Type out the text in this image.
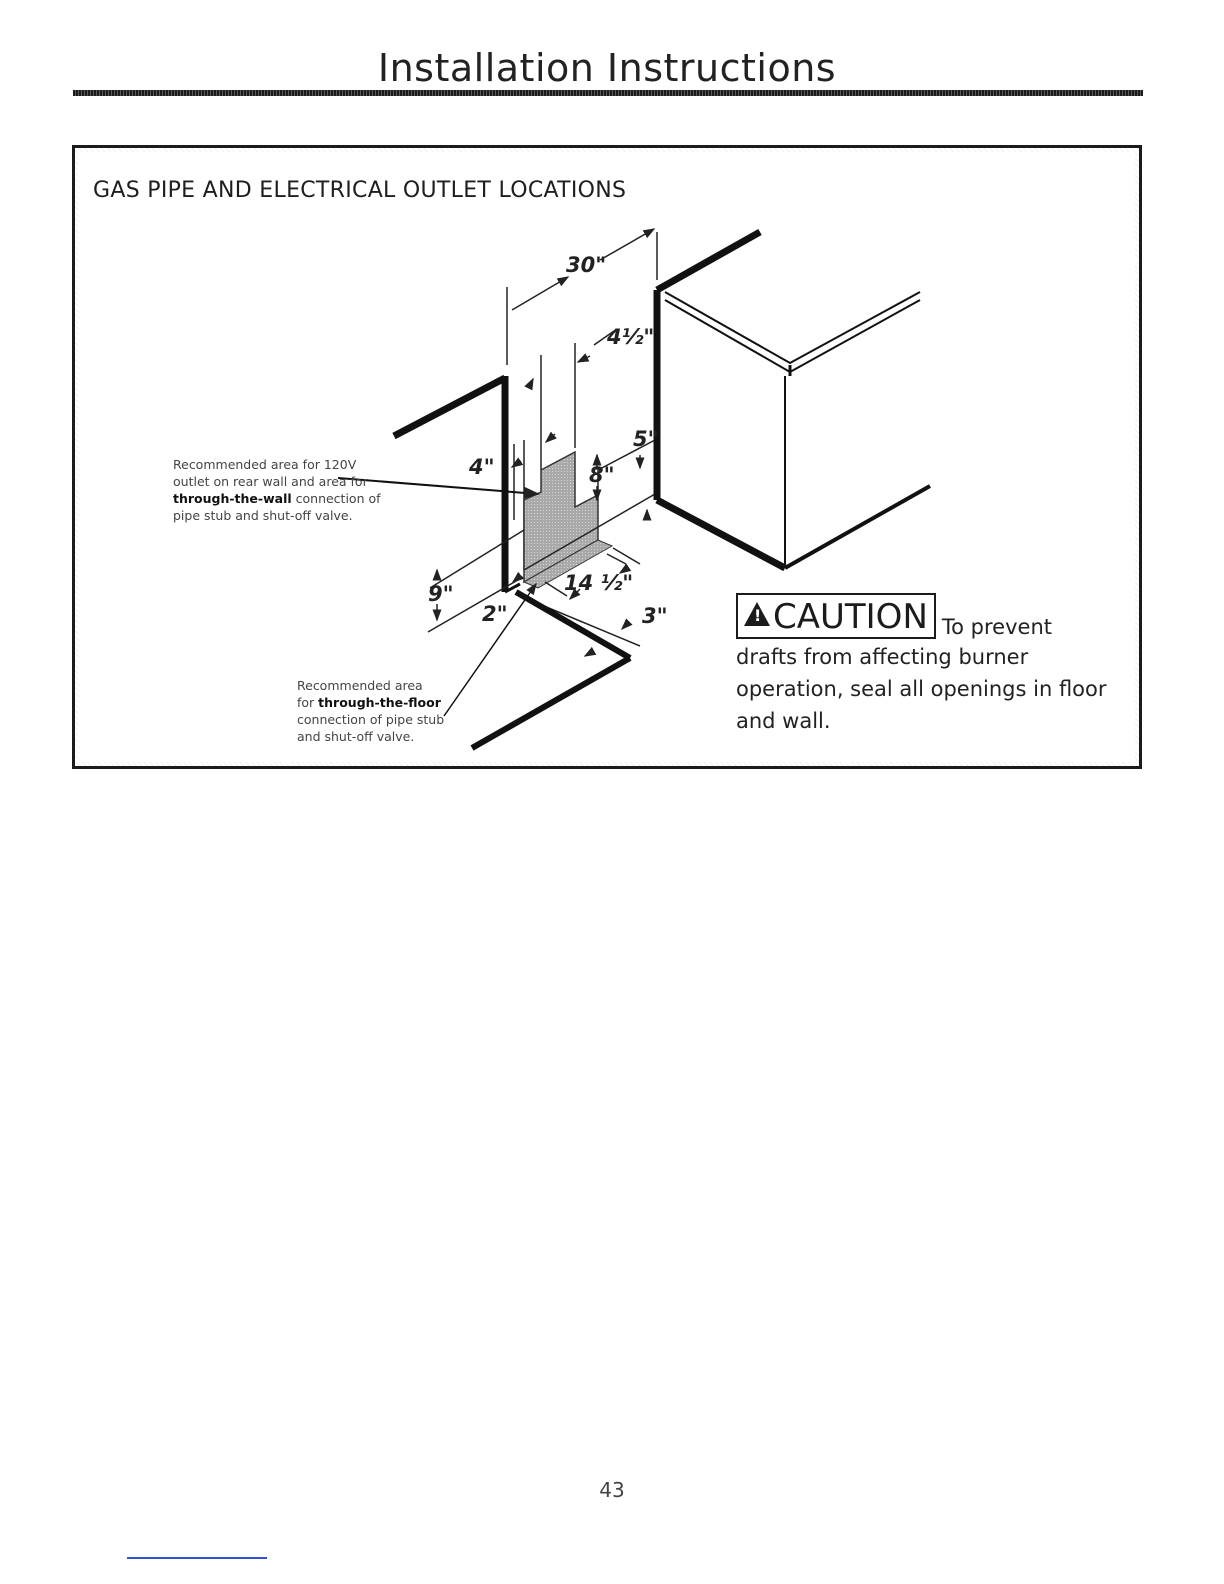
Installation Instructions
GAS PIPE AND ELECTRICAL OUTLET LOCATIONS
Recommended area for 120V
outlet on rear wall and area for
through-the-wall connection of
pipe stub and shut-off valve.
Recommended area
for through-the-floor
connection of pipe stub
and shut-off valve.
30"
4½"
4"
5"
8"
9"
2"
14 ½"
3"
!	CAUTION To prevent
drafts from affecting burner operation, seal all openings in floor and wall.
43
